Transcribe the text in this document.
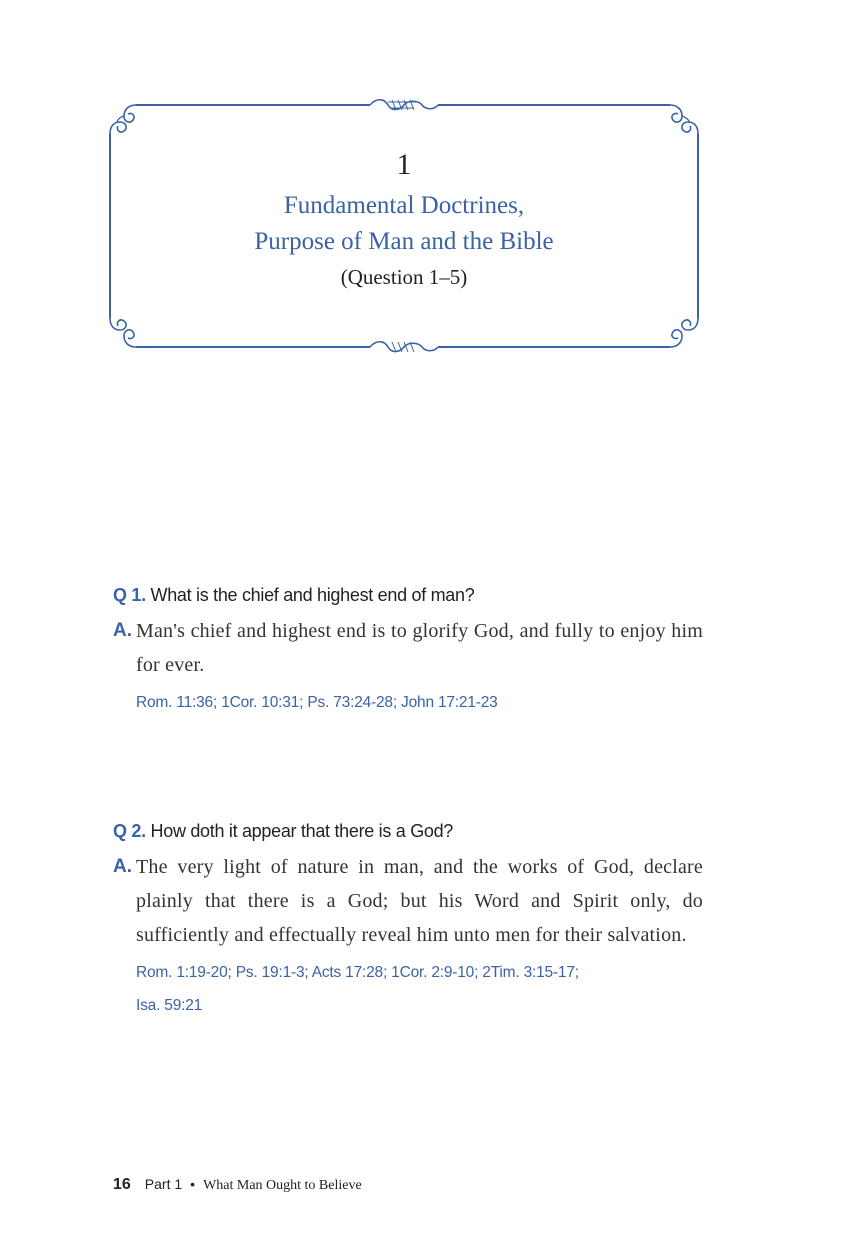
1
Fundamental Doctrines,
Purpose of Man and the Bible
(Question 1–5)
Q 1. What is the chief and highest end of man?
A. Man's chief and highest end is to glorify God, and fully to enjoy him for ever.
Rom. 11:36; 1Cor. 10:31; Ps. 73:24-28; John 17:21-23
Q 2. How doth it appear that there is a God?
A. The very light of nature in man, and the works of God, declare plainly that there is a God; but his Word and Spirit only, do sufficiently and effectually reveal him unto men for their salvation.
Rom. 1:19-20; Ps. 19:1-3; Acts 17:28; 1Cor. 2:9-10; 2Tim. 3:15-17;
Isa. 59:21
16 Part 1 • What Man Ought to Believe
